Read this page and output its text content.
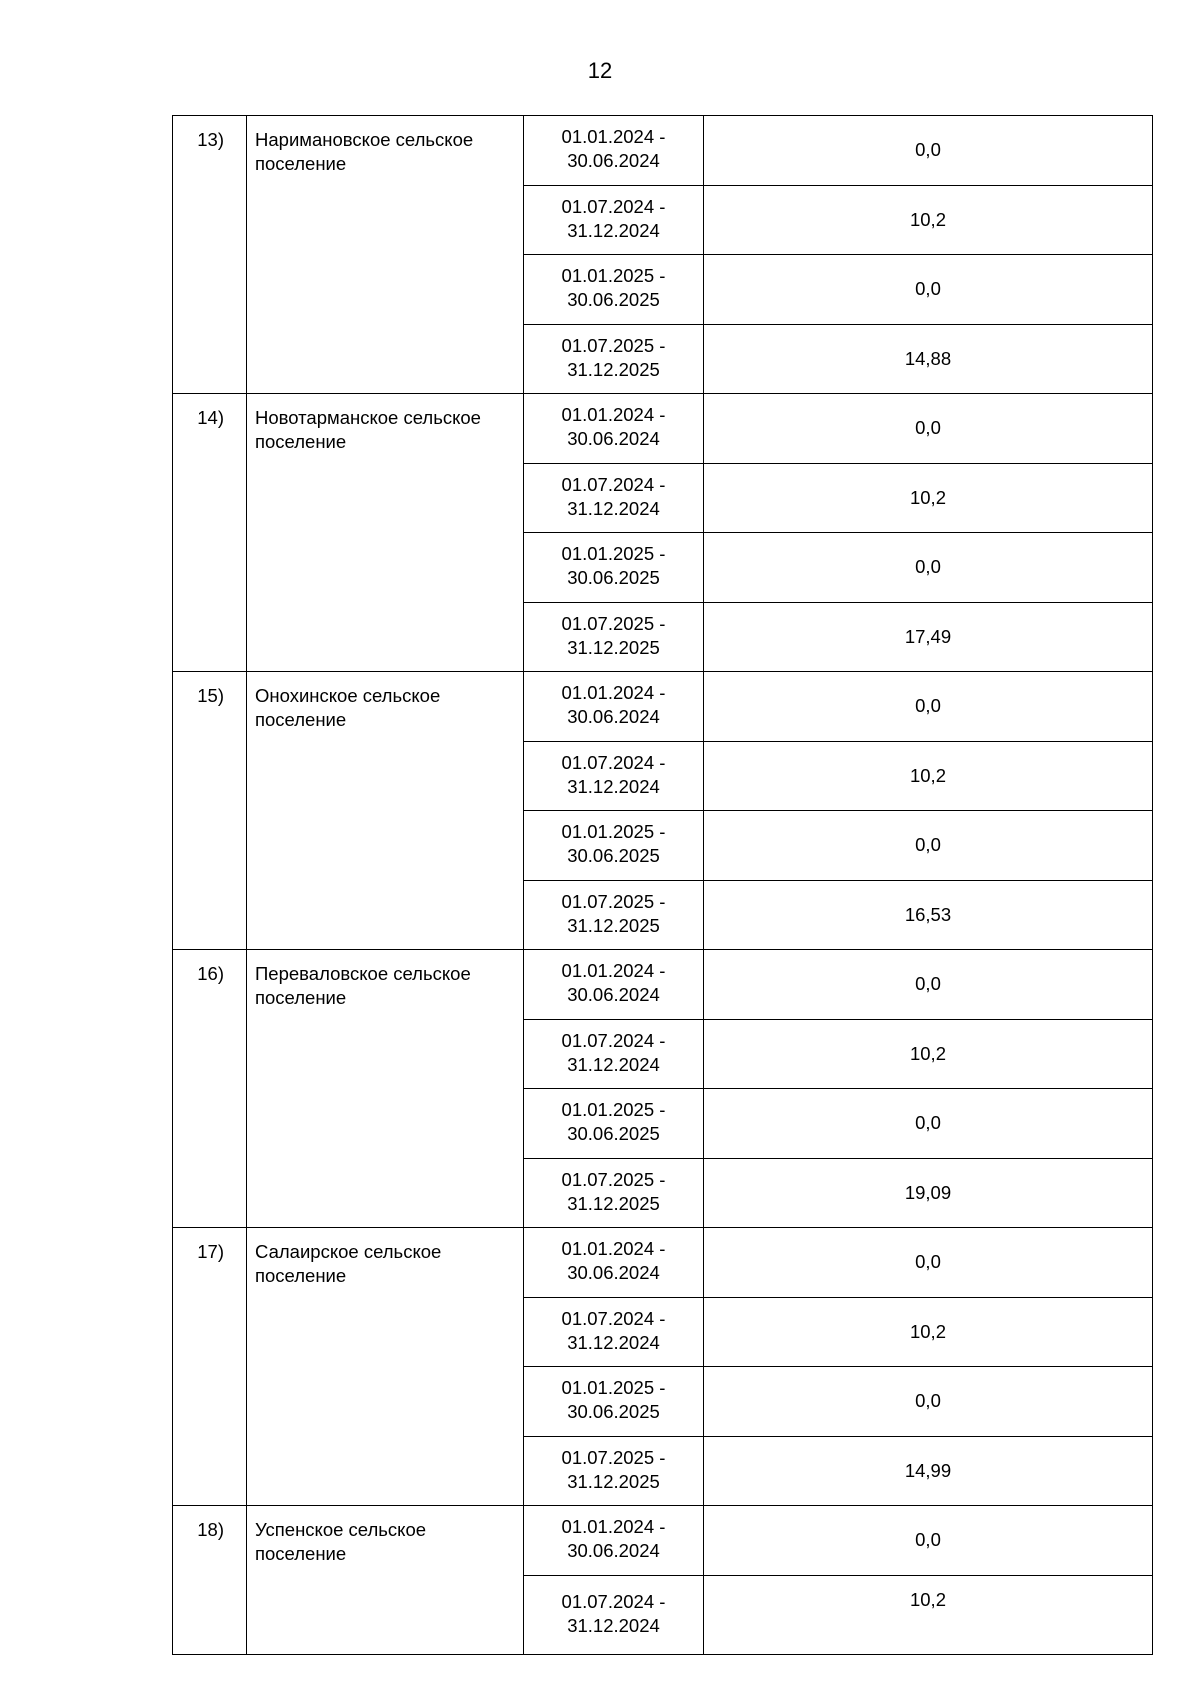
12
13)	Наримановское сельское поселение	01.01.2024 -
30.06.2024	0,0

		01.07.2024 -
31.12.2024	10,2

		01.01.2025 -
30.06.2025	0,0

		01.07.2025 -
31.12.2025	14,88
14)	Новотарманское сельское поселение	01.01.2024 -
30.06.2024	0,0

		01.07.2024 -
31.12.2024	10,2

		01.01.2025 -
30.06.2025	0,0

		01.07.2025 -
31.12.2025	17,49
15)	Онохинское сельское поселение	01.01.2024 -
30.06.2024	0,0

		01.07.2024 -
31.12.2024	10,2

		01.01.2025 -
30.06.2025	0,0

		01.07.2025 -
31.12.2025	16,53
16)	Переваловское сельское поселение	01.01.2024 -
30.06.2024	0,0

		01.07.2024 -
31.12.2024	10,2

		01.01.2025 -
30.06.2025	0,0

		01.07.2025 -
31.12.2025	19,09
17)	Салаирское сельское поселение	01.01.2024 -
30.06.2024	0,0

		01.07.2024 -
31.12.2024	10,2

		01.01.2025 -
30.06.2025	0,0

		01.07.2025 -
31.12.2025	14,99
18)	Успенское сельское поселение	01.01.2024 -
30.06.2024	0,0

		01.07.2024 -
31.12.2024	10,2
